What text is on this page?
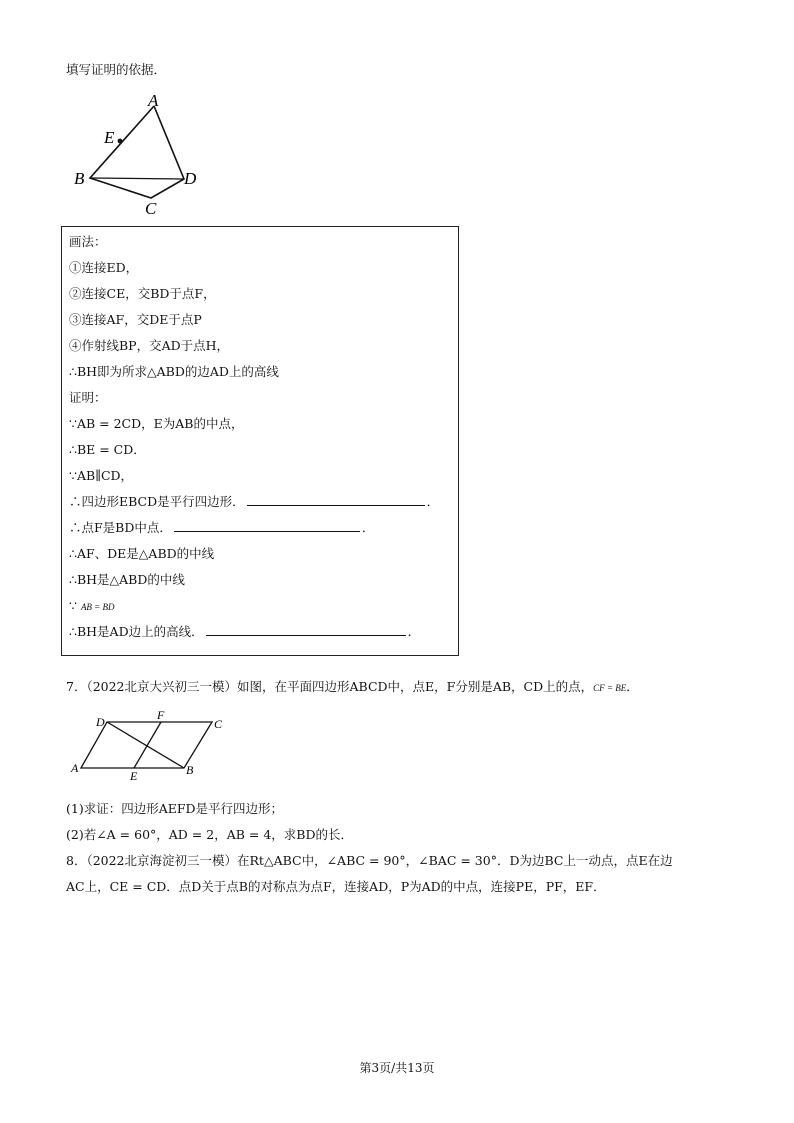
填写证明的依据．
A
E
B	D
C
画法：
①连接ED，
②连接CE，交BD于点F，
③连接AF，交DE于点P
④作射线BP，交AD于点H，
∴BH即为所求△ABD的边AD上的高线
证明：
∵AB = 2CD，E为AB的中点，
∴BE = CD．
∵AB∥CD，
∴四边形EBCD是平行四边形．	．
∴点F是BD中点．	．
∴AF、DE是△ABD的中线
∴BH是△ABD的中线
∵ AB = BD
∴BH是AD边上的高线．	．
7．（2022北京大兴初三一模）如图，在平面四边形ABCD中，点E，F分别是AB，CD上的点，CF = BE．
D	F
C
A
E	B
(1)求证：四边形AEFD是平行四边形；
(2)若∠A = 60°，AD = 2，AB = 4，求BD的长．
8．（2022北京海淀初三一模）在Rt△ABC中，∠ABC = 90°，∠BAC = 30°．D为边BC上一动点，点E在边
AC上，CE = CD．点D关于点B的对称点为点F，连接AD，P为AD的中点，连接PE，PF，EF．
第3页/共13页
